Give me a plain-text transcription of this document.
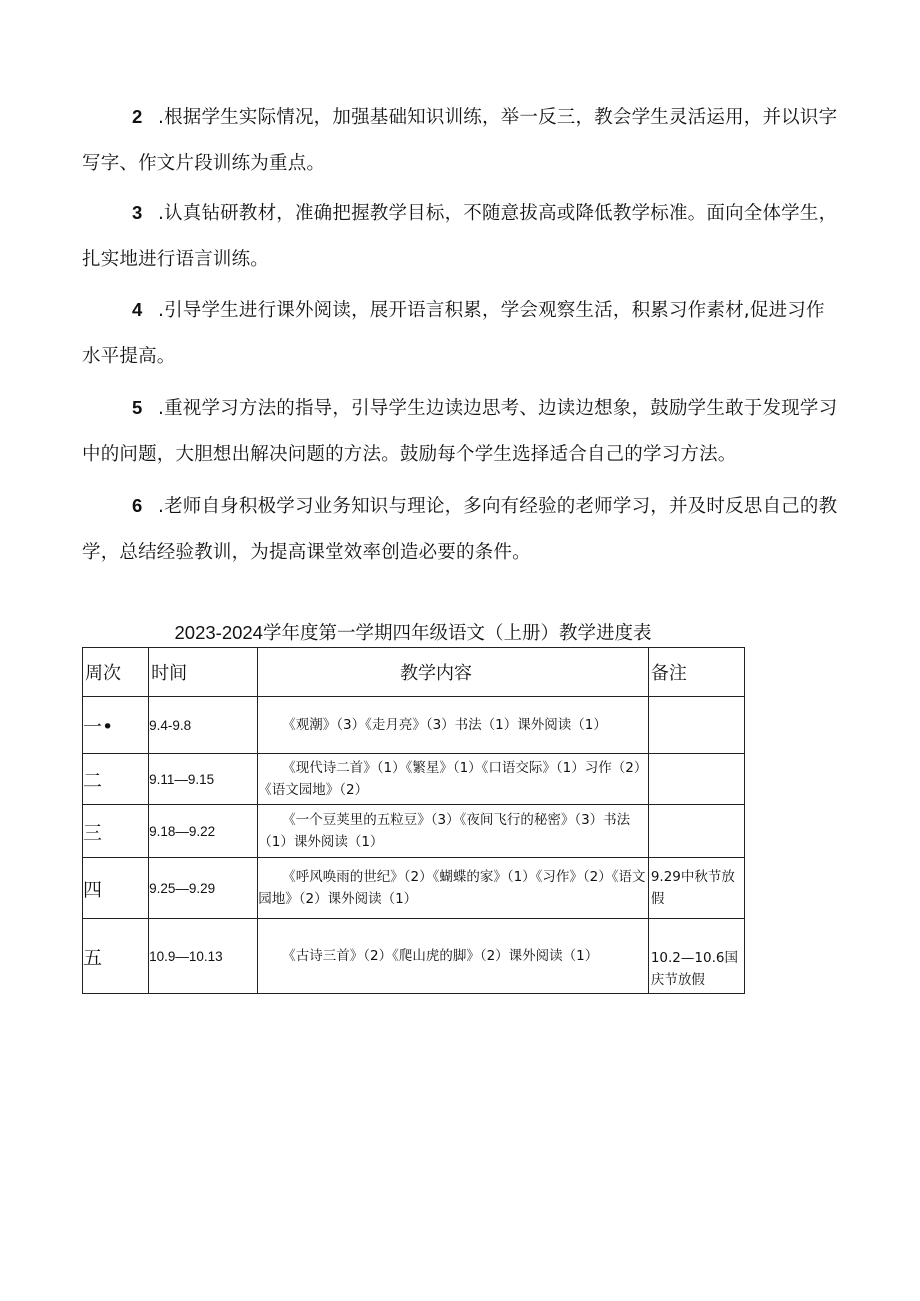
2 .根据学生实际情况，加强基础知识训练，举一反三，教会学生灵活运用，并以识字写字、作文片段训练为重点。

3 .认真钻研教材，准确把握教学目标，不随意拔高或降低教学标准。面向全体学生，扎实地进行语言训练。

4 .引导学生进行课外阅读，展开语言积累，学会观察生活，积累习作素材,促进习作水平提高。

5 .重视学习方法的指导，引导学生边读边思考、边读边想象，鼓励学生敢于发现学习中的问题，大胆想出解决问题的方法。鼓励每个学生选择适合自己的学习方法。

6 .老师自身积极学习业务知识与理论，多向有经验的老师学习，并及时反思自己的教学，总结经验教训，为提高课堂效率创造必要的条件。

2023-2024学年度第一学期四年级语文（上册）教学进度表
周次	时间	教学内容	备注
一•	9.4-9.8	《观潮》（3）《走月亮》（3）书法（1）课外阅读（1）	

二	9.11—9.15	《现代诗二首》（1）《繁星》（1）《口语交际》（1）习作（2）《语文园地》（2）	

三	9.18—9.22	《一个豆荚里的五粒豆》（3）《夜间飞行的秘密》（3）书法（1）课外阅读（1）	

四	9.25—9.29	《呼风唤雨的世纪》（2）《蝴蝶的家》（1）《习作》（2）《语文园地》（2）课外阅读（1）	9.29中秋节放假
五	10.9—10.13	《古诗三首》（2）《爬山虎的脚》（2）课外阅读（1）	10.2—10.6国庆节放假
